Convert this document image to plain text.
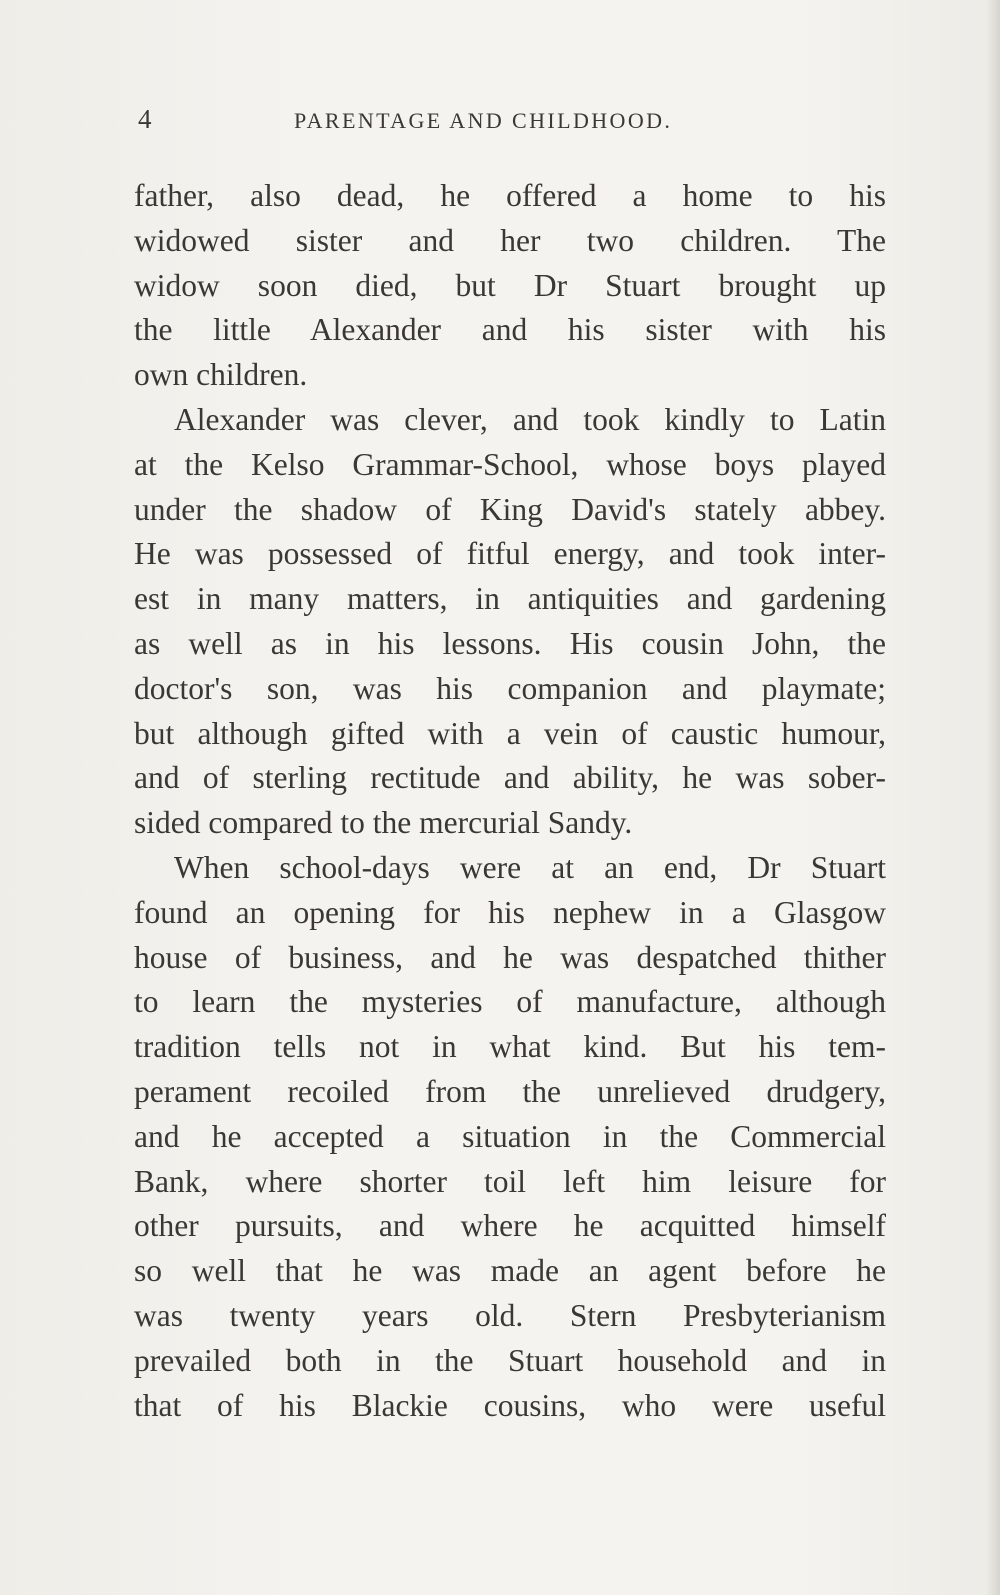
4	PARENTAGE AND CHILDHOOD.
father, also dead, he offered a home to his
widowed sister and her two children. The
widow soon died, but Dr Stuart brought up
the little Alexander and his sister with his
own children.
Alexander was clever, and took kindly to Latin
at the Kelso Grammar-School, whose boys played
under the shadow of King David's stately abbey.
He was possessed of fitful energy, and took inter-
est in many matters, in antiquities and gardening
as well as in his lessons. His cousin John, the
doctor's son, was his companion and playmate;
but although gifted with a vein of caustic humour,
and of sterling rectitude and ability, he was sober-
sided compared to the mercurial Sandy.
When school-days were at an end, Dr Stuart
found an opening for his nephew in a Glasgow
house of business, and he was despatched thither
to learn the mysteries of manufacture, although
tradition tells not in what kind. But his tem-
perament recoiled from the unrelieved drudgery,
and he accepted a situation in the Commercial
Bank, where shorter toil left him leisure for
other pursuits, and where he acquitted himself
so well that he was made an agent before he
was twenty years old. Stern Presbyterianism
prevailed both in the Stuart household and in
that of his Blackie cousins, who were useful
